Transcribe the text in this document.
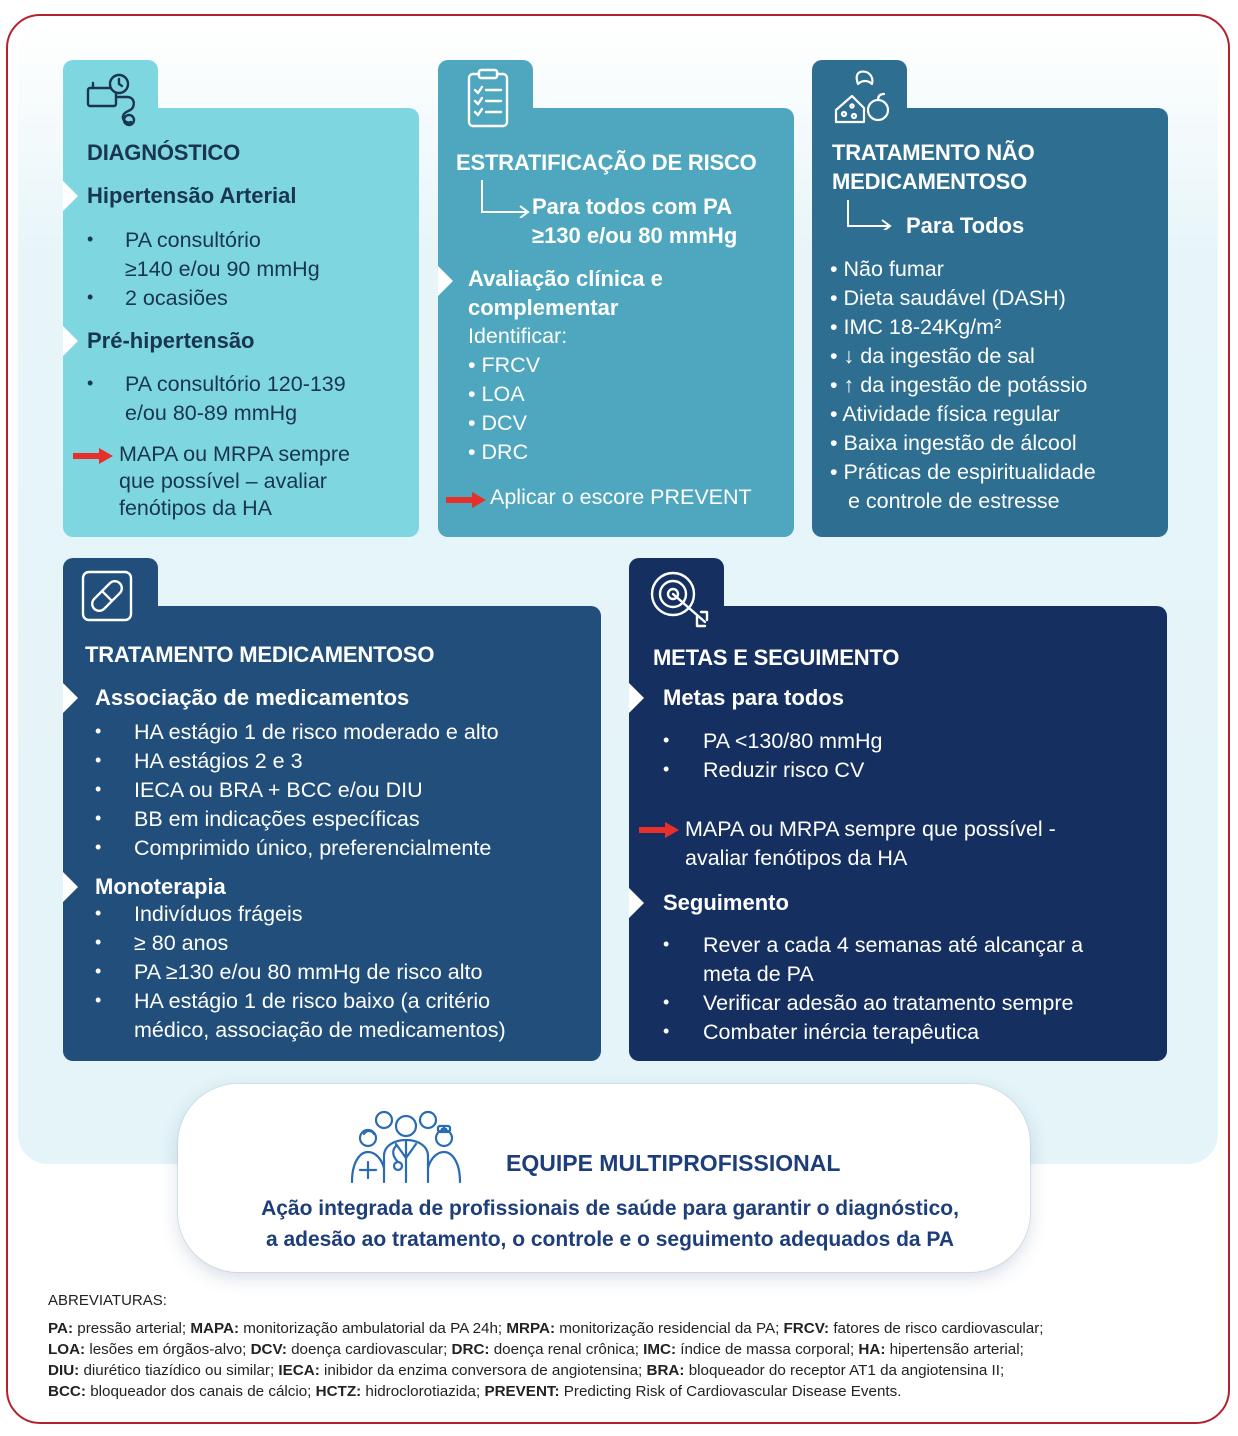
DIAGNÓSTICO
Hipertensão Arterial
• PA consultório
≥140 e/ou 90 mmHg
• 2 ocasiões
Pré-hipertensão
• PA consultório 120-139
e/ou 80-89 mmHg
MAPA ou MRPA sempre
que possível – avaliar
fenótipos da HA
ESTRATIFICAÇÃO DE RISCO
Para todos com PA
≥130 e/ou 80 mmHg
Avaliação clínica e
complementar
Identificar:
• FRCV
• LOA
• DCV
• DRC
Aplicar o escore PREVENT
TRATAMENTO NÃO
MEDICAMENTOSO
Para Todos
• Não fumar
• Dieta saudável (DASH)
• IMC 18-24Kg/m²
• ↓ da ingestão de sal
• ↑ da ingestão de potássio
• Atividade física regular
• Baixa ingestão de álcool
• Práticas de espiritualidade
e controle de estresse
TRATAMENTO MEDICAMENTOSO
Associação de medicamentos
• HA estágio 1 de risco moderado e alto
• HA estágios 2 e 3
• IECA ou BRA + BCC e/ou DIU
• BB em indicações específicas
• Comprimido único, preferencialmente
Monoterapia
• Indivíduos frágeis
• ≥ 80 anos
• PA ≥130 e/ou 80 mmHg de risco alto
• HA estágio 1 de risco baixo (a critério
médico, associação de medicamentos)
METAS E SEGUIMENTO
Metas para todos
• PA <130/80 mmHg
• Reduzir risco CV
MAPA ou MRPA sempre que possível -
avaliar fenótipos da HA
Seguimento
• Rever a cada 4 semanas até alcançar a
meta de PA
• Verificar adesão ao tratamento sempre
• Combater inércia terapêutica
EQUIPE MULTIPROFISSIONAL
Ação integrada de profissionais de saúde para garantir o diagnóstico,
a adesão ao tratamento, o controle e o seguimento adequados da PA
ABREVIATURAS:
PA: pressão arterial; MAPA: monitorização ambulatorial da PA 24h; MRPA: monitorização residencial da PA; FRCV: fatores de risco cardiovascular;
LOA: lesões em órgãos-alvo; DCV: doença cardiovascular; DRC: doença renal crônica; IMC: índice de massa corporal; HA: hipertensão arterial;
DIU: diurético tiazídico ou similar; IECA: inibidor da enzima conversora de angiotensina; BRA: bloqueador do receptor AT1 da angiotensina II;
BCC: bloqueador dos canais de cálcio; HCTZ: hidroclorotiazida; PREVENT: Predicting Risk of Cardiovascular Disease Events.
